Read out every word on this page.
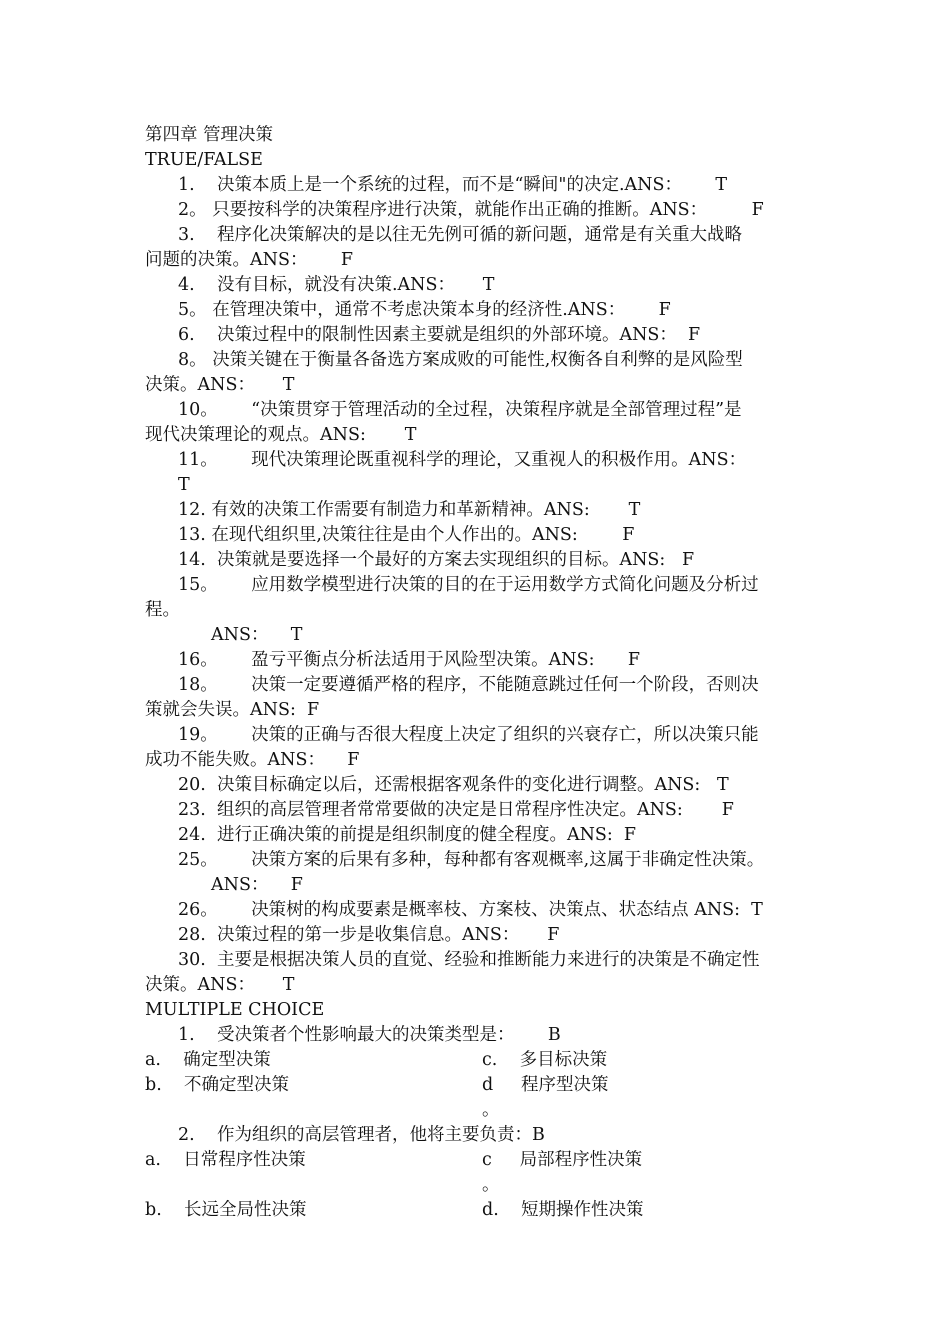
第四章 管理决策
TRUE/FALSE
1.    决策本质上是一个系统的过程，而不是“瞬间"的决定.ANS：      T
2。 只要按科学的决策程序进行决策，就能作出正确的推断。ANS：        F
3.    程序化决策解决的是以往无先例可循的新问题，通常是有关重大战略
问题的决策。ANS：      F
4.    没有目标，就没有决策.ANS：     T
5。 在管理决策中，通常不考虑决策本身的经济性.ANS：      F
6.    决策过程中的限制性因素主要就是组织的外部环境。ANS：  F
8。 决策关键在于衡量各备选方案成败的可能性,权衡各自利弊的是风险型
决策。ANS：     T
10。      “决策贯穿于管理活动的全过程，决策程序就是全部管理过程”是
现代决策理论的观点。ANS:       T
11。      现代决策理论既重视科学的理论，又重视人的积极作用。ANS：
T
12. 有效的决策工作需要有制造力和革新精神。ANS:       T
13. 在现代组织里,决策往往是由个人作出的。ANS:        F
14.  决策就是要选择一个最好的方案去实现组织的目标。ANS:   F
15。      应用数学模型进行决策的目的在于运用数学方式简化问题及分析过
程。
ANS：    T
16。      盈亏平衡点分析法适用于风险型决策。ANS:      F
18。      决策一定要遵循严格的程序，不能随意跳过任何一个阶段，否则决
策就会失误。ANS:  F
19。      决策的正确与否很大程度上决定了组织的兴衰存亡，所以决策只能
成功不能失败。ANS：    F
20.  决策目标确定以后，还需根据客观条件的变化进行调整。ANS:   T
23.  组织的高层管理者常常要做的决定是日常程序性决定。ANS:       F
24.  进行正确决策的前提是组织制度的健全程度。ANS:  F
25。      决策方案的后果有多种，每种都有客观概率,这属于非确定性决策。
ANS：    F
26。      决策树的构成要素是概率枝、方案枝、决策点、状态结点 ANS:  T
28.  决策过程的第一步是收集信息。ANS：     F
30.  主要是根据决策人员的直觉、经验和推断能力来进行的决策是不确定性
决策。ANS：     T
MULTIPLE CHOICE
1.    受决策者个性影响最大的决策类型是：      B
a.    确定型决策	c.    多目标决策
b.    不确定型决策	d     程序型决策
。
2.    作为组织的高层管理者，他将主要负责：B
a.    日常程序性决策	c     局部程序性决策
。
b.    长远全局性决策	d.    短期操作性决策
